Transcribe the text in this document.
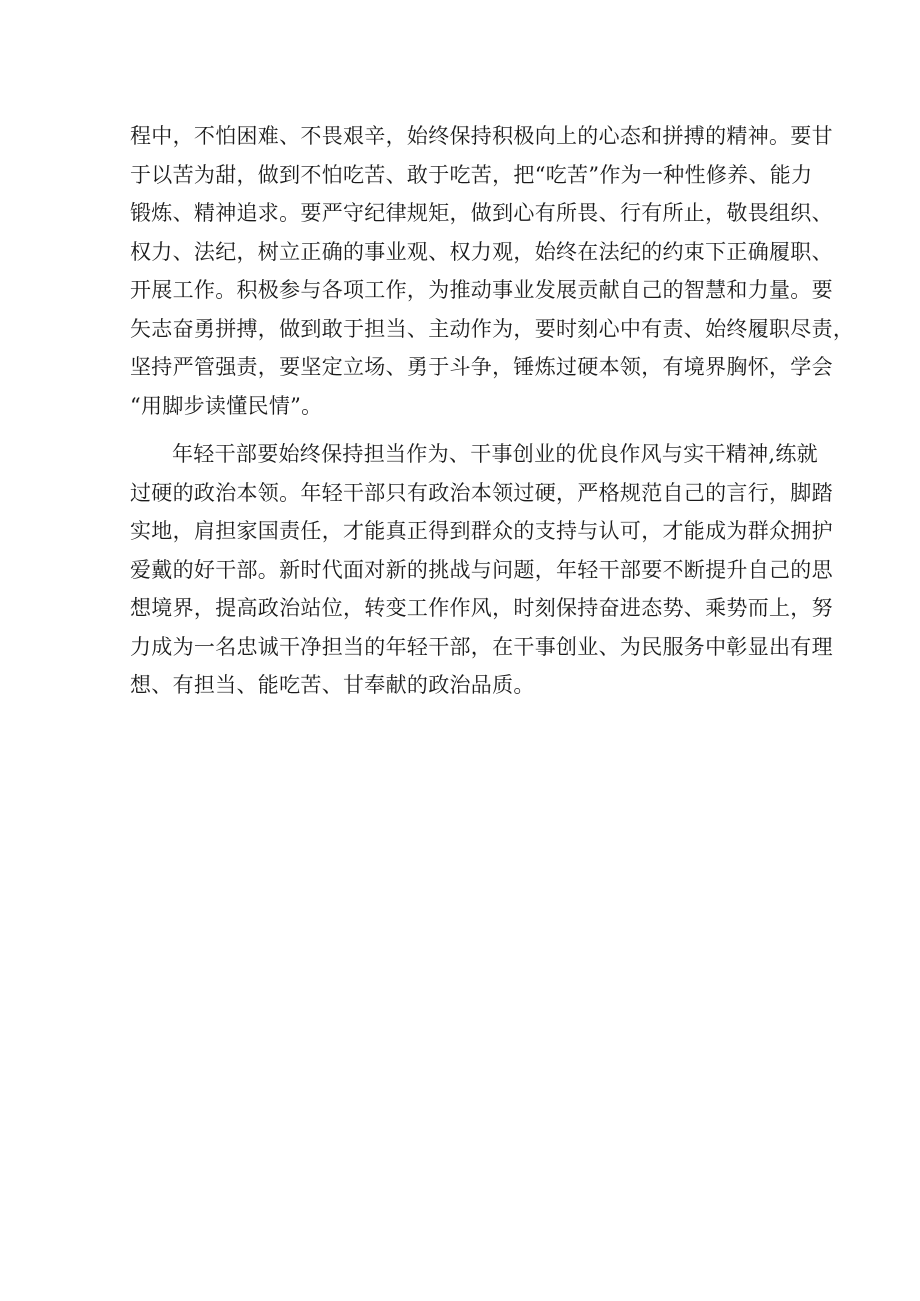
程中，不怕困难、不畏艰辛，始终保持积极向上的心态和拼搏的精神。要甘
于以苦为甜，做到不怕吃苦、敢于吃苦，把“吃苦”作为一种性修养、能力
锻炼、精神追求。要严守纪律规矩，做到心有所畏、行有所止，敬畏组织、
权力、法纪，树立正确的事业观、权力观，始终在法纪的约束下正确履职、
开展工作。积极参与各项工作，为推动事业发展贡献自己的智慧和力量。要
矢志奋勇拼搏，做到敢于担当、主动作为，要时刻心中有责、始终履职尽责，
坚持严管强责，要坚定立场、勇于斗争，锤炼过硬本领，有境界胸怀，学会
“用脚步读懂民情”。
年轻干部要始终保持担当作为、干事创业的优良作风与实干精神,练就
过硬的政治本领。年轻干部只有政治本领过硬，严格规范自己的言行，脚踏
实地，肩担家国责任，才能真正得到群众的支持与认可，才能成为群众拥护
爱戴的好干部。新时代面对新的挑战与问题，年轻干部要不断提升自己的思
想境界，提高政治站位，转变工作作风，时刻保持奋进态势、乘势而上，努
力成为一名忠诚干净担当的年轻干部，在干事创业、为民服务中彰显出有理
想、有担当、能吃苦、甘奉献的政治品质。
